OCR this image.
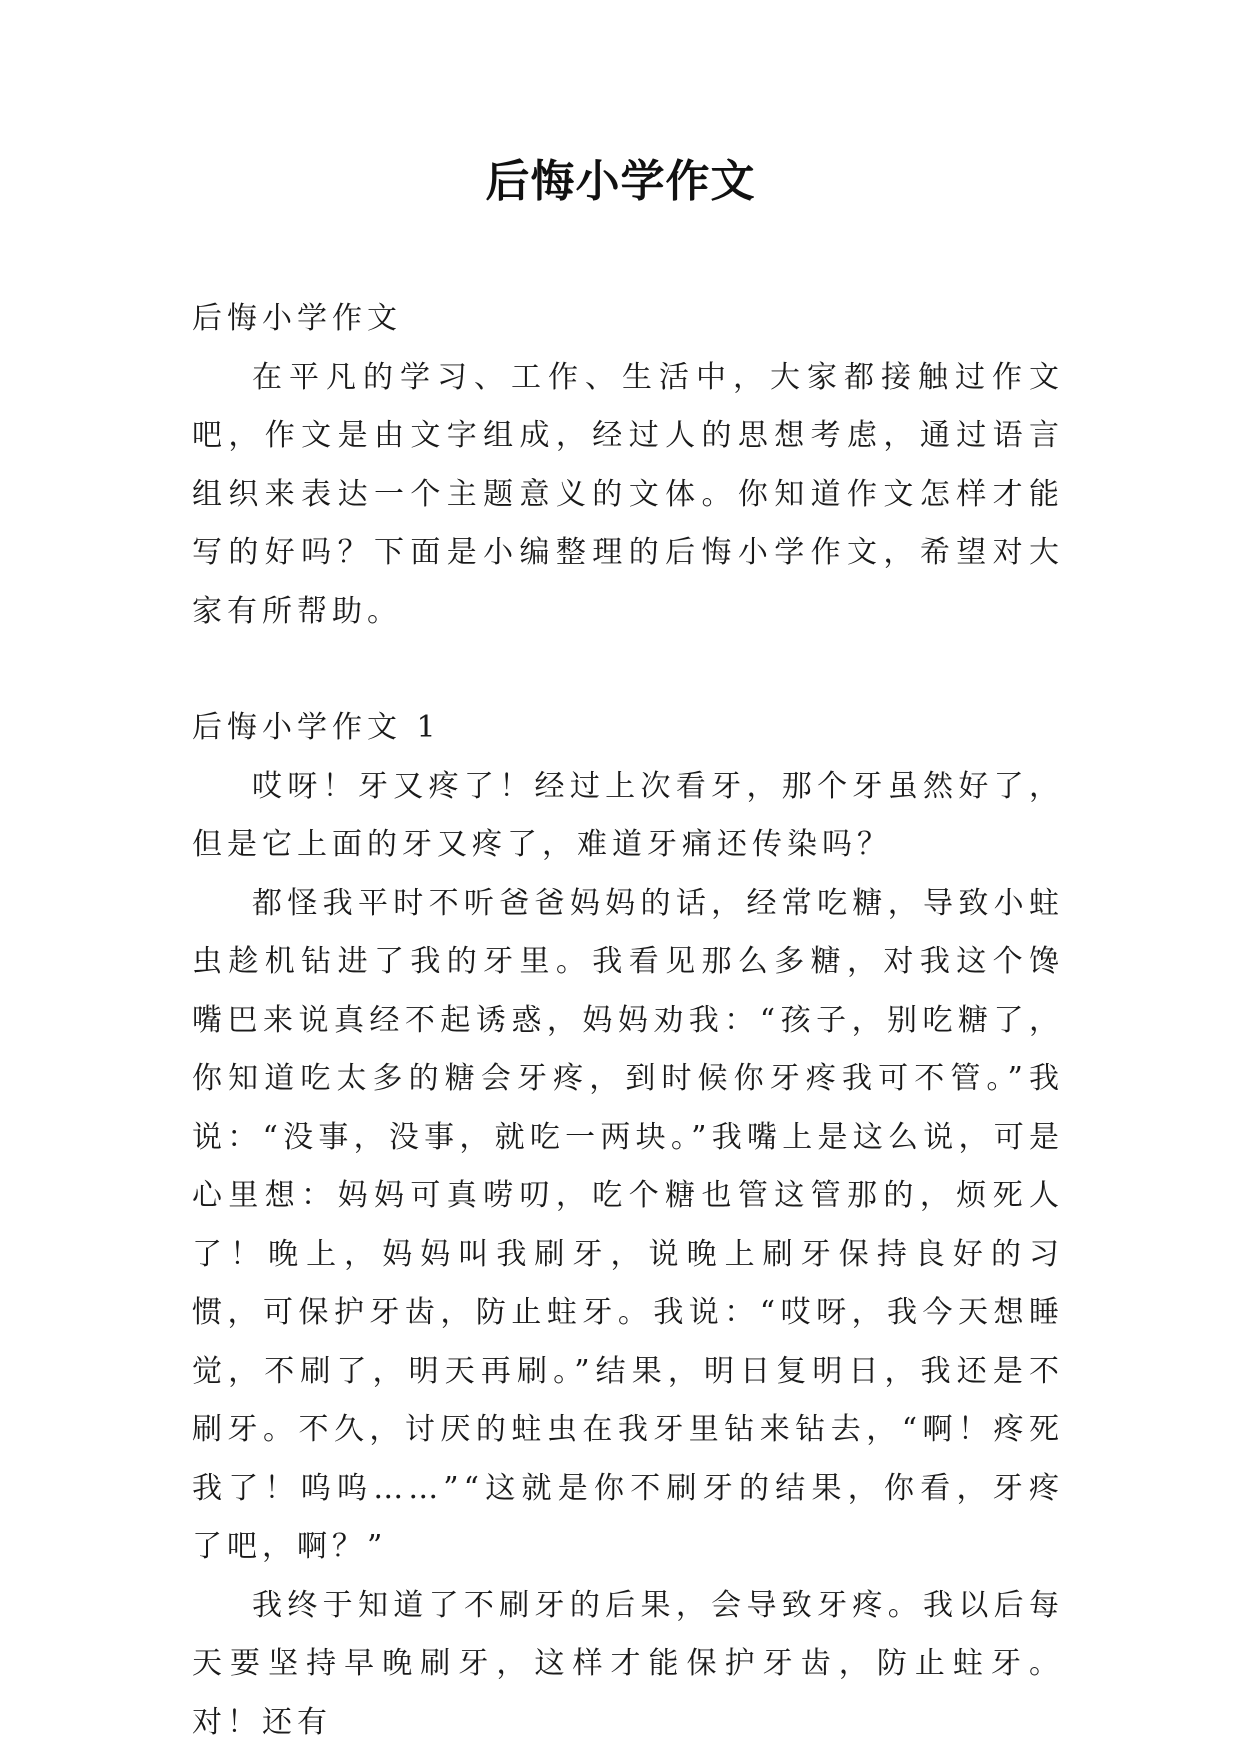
后悔小学作文

后悔小学作文

在平凡的学习、工作、生活中，大家都接触过作文吧，作文是由文字组成，经过人的思想考虑，通过语言组织来表达一个主题意义的文体。你知道作文怎样才能写的好吗？下面是小编整理的后悔小学作文，希望对大家有所帮助。

后悔小学作文 1

哎呀！牙又疼了！经过上次看牙，那个牙虽然好了，但是它上面的牙又疼了，难道牙痛还传染吗？

都怪我平时不听爸爸妈妈的话，经常吃糖，导致小蛀虫趁机钻进了我的牙里。我看见那么多糖，对我这个馋嘴巴来说真经不起诱惑，妈妈劝我：“孩子，别吃糖了，你知道吃太多的糖会牙疼，到时候你牙疼我可不管。”我说：“没事，没事，就吃一两块。”我嘴上是这么说，可是心里想：妈妈可真唠叨，吃个糖也管这管那的，烦死人了！晚上，妈妈叫我刷牙，说晚上刷牙保持良好的习惯，可保护牙齿，防止蛀牙。我说：“哎呀，我今天想睡觉，不刷了，明天再刷。”结果，明日复明日，我还是不刷牙。不久，讨厌的蛀虫在我牙里钻来钻去，“啊！疼死我了！呜呜……”“这就是你不刷牙的结果，你看，牙疼了吧，啊？”

我终于知道了不刷牙的后果，会导致牙疼。我以后每天要坚持早晚刷牙，这样才能保护牙齿，防止蛀牙。对！还有
